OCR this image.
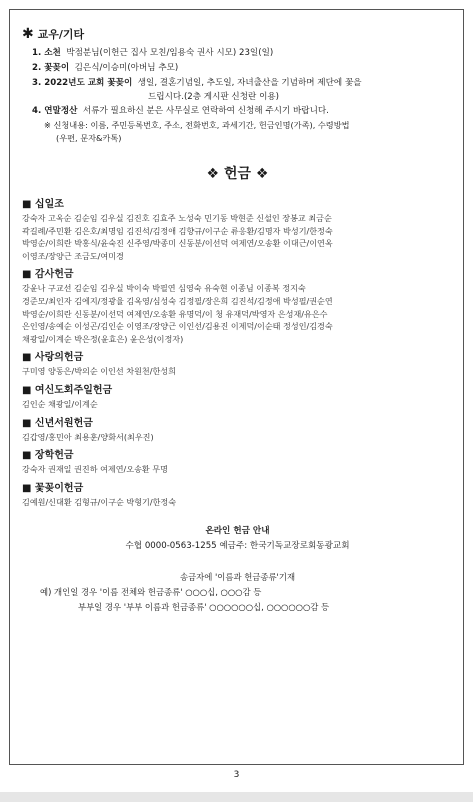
✱ 교우/기타
1. 소천 박점분님(이헌근 집사 모친/임용숙 권사 시모) 23일(일)
2. 꽃꽂이 김은식/이승미(아버님 추모)
3. 2022년도 교회 꽃꽂이 생일, 결혼기념일, 추도일, 자녀출산을 기념하며 제단에 꽃을
드립시다.(2층 게시판 신청란 이용)
4. 연말정산 서류가 필요하신 분은 사무실로 연락하여 신청해 주시기 바랍니다.
※ 신청내용: 이름, 주민등록번호, 주소, 전화번호, 과세기간, 헌금인명(가족), 수령방법
(우편, 문자&카톡)
❖ 헌금 ❖
■ 십일조
강숙자 고옥순 김순임 김우실 김진호 김효주 노성숙 민기동 박현준 신설인 장봉교 최금순
곽길례/주민환 김은호/최명임 김진석/김정애 김향규/이구순 류응환/김명자 박성기/한정숙
박영순/이희란 박홍식/윤숙진 신주영/박종미 신동분/이선덕 여제연/오송환 이대근/이연옥
이영조/장양근 조금도/여미경
■ 감사헌금
강윤나 구교선 김순임 김우실 박이숙 박필연 심영숙 유숙현 이종님 이종복 정지숙
경준모/최인자 김에지/정광율 김옥영/심성숙 김정필/장은희 김진석/김정애 박성필/권순연
박영순/이희란 신동분/이선덕 여제연/오송환 유명덕/이 청 유재덕/박영자 은성재/유은수
은인영/송예순 이성곤/김인순 이영조/장양근 이인선/김용진 이제덕/이순태 정성인/김경숙
채광일/이계순 박은정(윤효은) 윤은성(이정자)
■ 사랑의헌금
구미영 양동은/박의순 이인선 차원천/한성희
■ 여신도회주일헌금
김인순 채광일/이계순
■ 신년서원헌금
김갑영/홍민아 최용훈/양화서(최우진)
■ 장학헌금
강숙자 권재일 권진하 여제연/오송환 무명
■ 꽃꽂이헌금
김예원/신대환 김형규/이구순 박형기/한정숙
온라인 헌금 안내
수협 0000-0563-1255 예금주: 한국기독교장로회동광교회
송금자에 '이름과 헌금종류'기재
예) 개인일 경우 '이름 전체와 헌금종류' ○○○십, ○○○감 등
부부일 경우 '부부 이름과 헌금종류' ○○○○○○십, ○○○○○○감 등
3
